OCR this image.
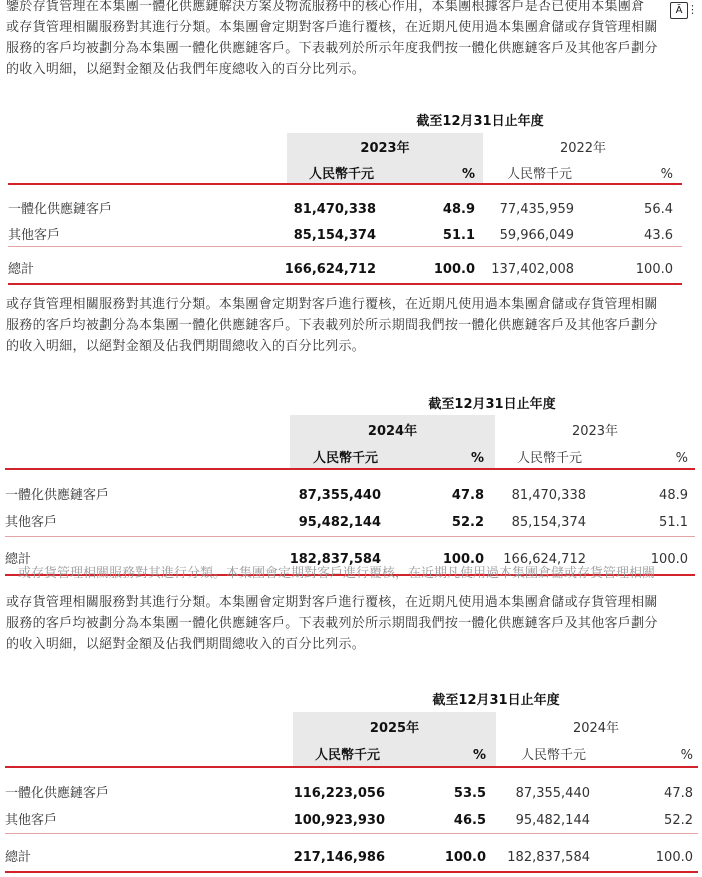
鑒於存貨管理在本集團一體化供應鏈解決方案及物流服務中的核心作用，本集團根據客戶是否已使用本集團倉
或存貨管理相關服務對其進行分類。本集團會定期對客戶進行覆核，在近期凡使用過本集團倉儲或存貨管理相關
服務的客戶均被劃分為本集團一體化供應鏈客戶。下表載列於所示年度我們按一體化供應鏈客戶及其他客戶劃分
的收入明細，以絕對金額及佔我們年度總收入的百分比列示。
Ā ⋮
截至12月31日止年度
2023年	2022年
人民幣千元	% 人民幣千元	%
一體化供應鏈客戶	81,470,338	48.9	77,435,959	56.4
其他客戶	85,154,374	51.1	59,966,049	43.6
總計	166,624,712	100.0	137,402,008	100.0
或存貨管理相關服務對其進行分類。本集團會定期對客戶進行覆核，在近期凡使用過本集團倉儲或存貨管理相關
服務的客戶均被劃分為本集團一體化供應鏈客戶。下表載列於所示期間我們按一體化供應鏈客戶及其他客戶劃分
的收入明細，以絕對金額及佔我們期間總收入的百分比列示。
截至12月31日止年度
2024年	2023年
人民幣千元	%	人民幣千元	%
一體化供應鏈客戶	87,355,440	47.8	81,470,338	48.9
其他客戶	95,482,144	52.2	85,154,374	51.1
總計	182,837,584	100.0	166,624,712	100.0
或存貨管理相關服務對其進行分類。本集團會定期對客戶進行覆核，在近期凡使用過本集團倉儲或存貨管理相關
或存貨管理相關服務對其進行分類。本集團會定期對客戶進行覆核，在近期凡使用過本集團倉儲或存貨管理相關
服務的客戶均被劃分為本集團一體化供應鏈客戶。下表載列於所示期間我們按一體化供應鏈客戶及其他客戶劃分
的收入明細，以絕對金額及佔我們期間總收入的百分比列示。
截至12月31日止年度
2025年	2024年
人民幣千元	%	人民幣千元	%
一體化供應鏈客戶	116,223,056	53.5	87,355,440	47.8
其他客戶	100,923,930	46.5	95,482,144	52.2
總計	217,146,986	100.0	182,837,584	100.0
